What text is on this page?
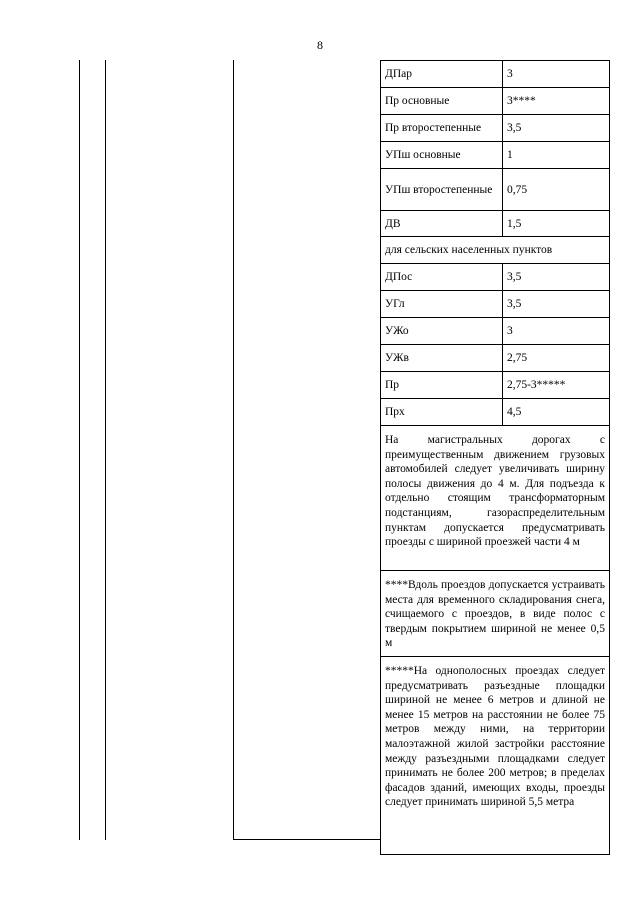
8
ДПар	3
Пр основные	3****
Пр второстепенные	3,5
УПш основные	1
УПш второстепенные	0,75
ДВ	1,5
для сельских населенных пунктов	
ДПос	3,5
УГл	3,5
УЖо	3
УЖв	2,75
Пр	2,75-3*****
Прх	4,5
На магистральных дорогах с преимущественным движением грузовых автомобилей следует увеличивать ширину полосы движения до 4 м. Для подъезда к отдельно стоящим трансформаторным подстанциям, газораспределительным пунктам допускается предусматривать проезды с шириной проезжей части 4 м	
****Вдоль проездов допускается устраивать места для временного складирования снега, счищаемого с проездов, в виде полос с твердым покрытием шириной не менее 0,5 м	
*****На однополосных проездах следует предусматривать разъездные площадки шириной не менее 6 метров и длиной не менее 15 метров на расстоянии не более 75 метров между ними, на территории малоэтажной жилой застройки расстояние между разъездными площадками следует принимать не более 200 метров; в пределах фасадов зданий, имеющих входы, проезды следует принимать шириной 5,5 метра	
